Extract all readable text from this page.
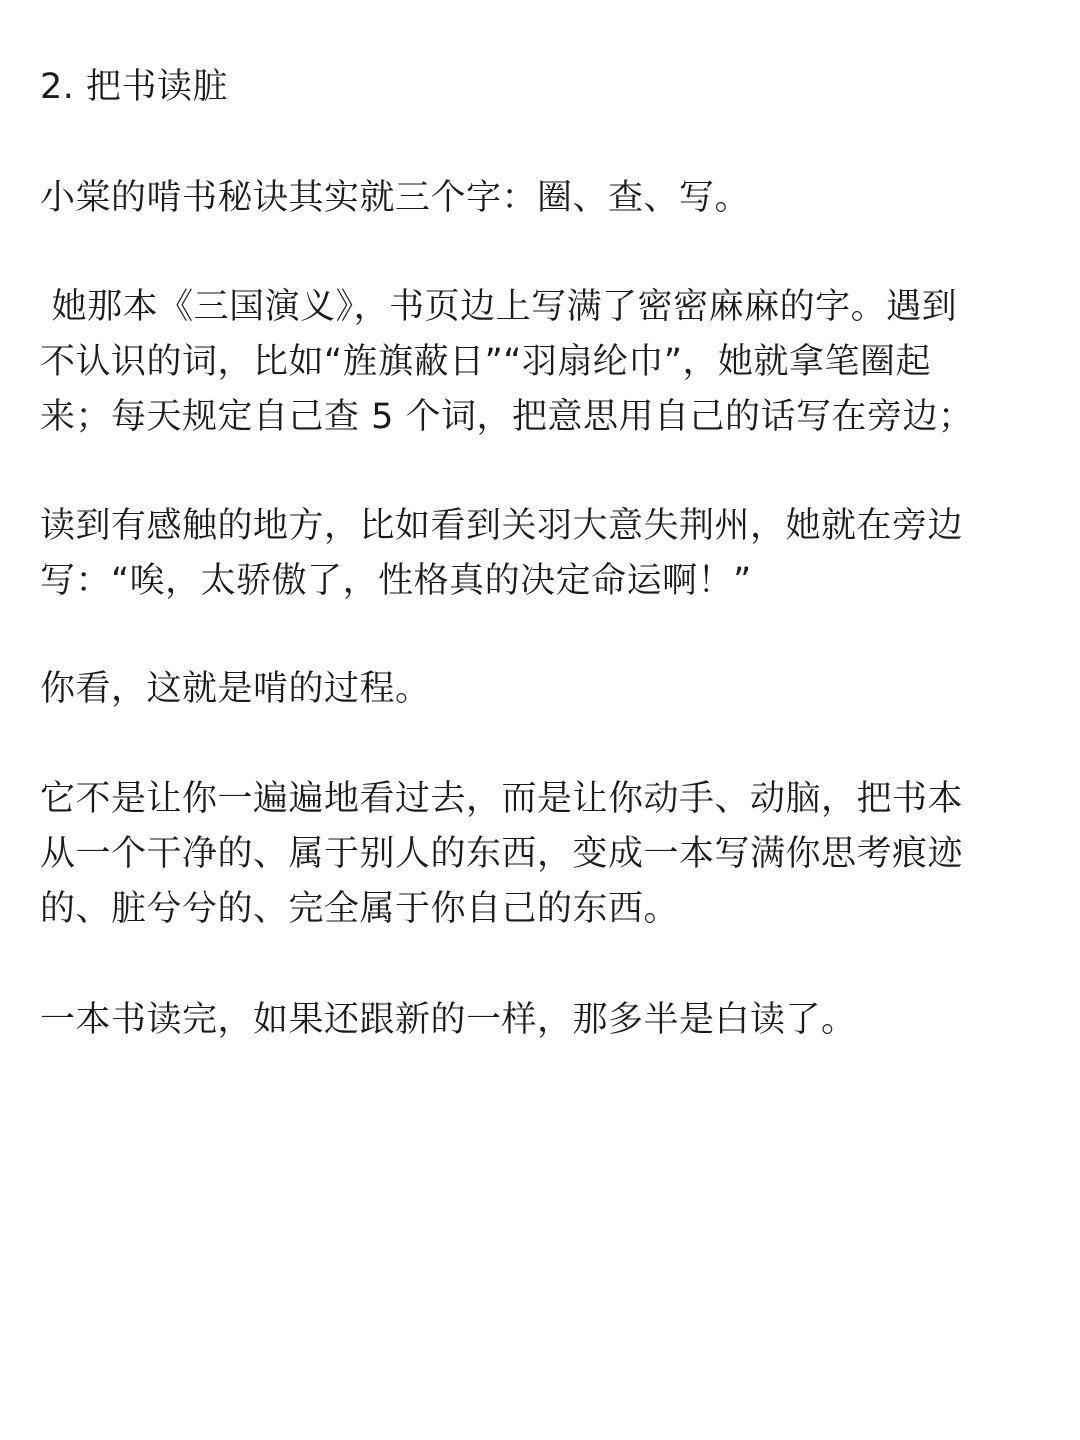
2. 把书读脏

小棠的啃书秘诀其实就三个字：圈、查、写。

她那本《三国演义》，书页边上写满了密密麻麻的字。遇到
不认识的词，比如“旌旗蔽日”“羽扇纶巾”，她就拿笔圈起
来；每天规定自己查 5 个词，把意思用自己的话写在旁边；

读到有感触的地方，比如看到关羽大意失荆州，她就在旁边
写：“唉，太骄傲了，性格真的决定命运啊！”

你看，这就是啃的过程。

它不是让你一遍遍地看过去，而是让你动手、动脑，把书本
从一个干净的、属于别人的东西，变成一本写满你思考痕迹
的、脏兮兮的、完全属于你自己的东西。

一本书读完，如果还跟新的一样，那多半是白读了。
